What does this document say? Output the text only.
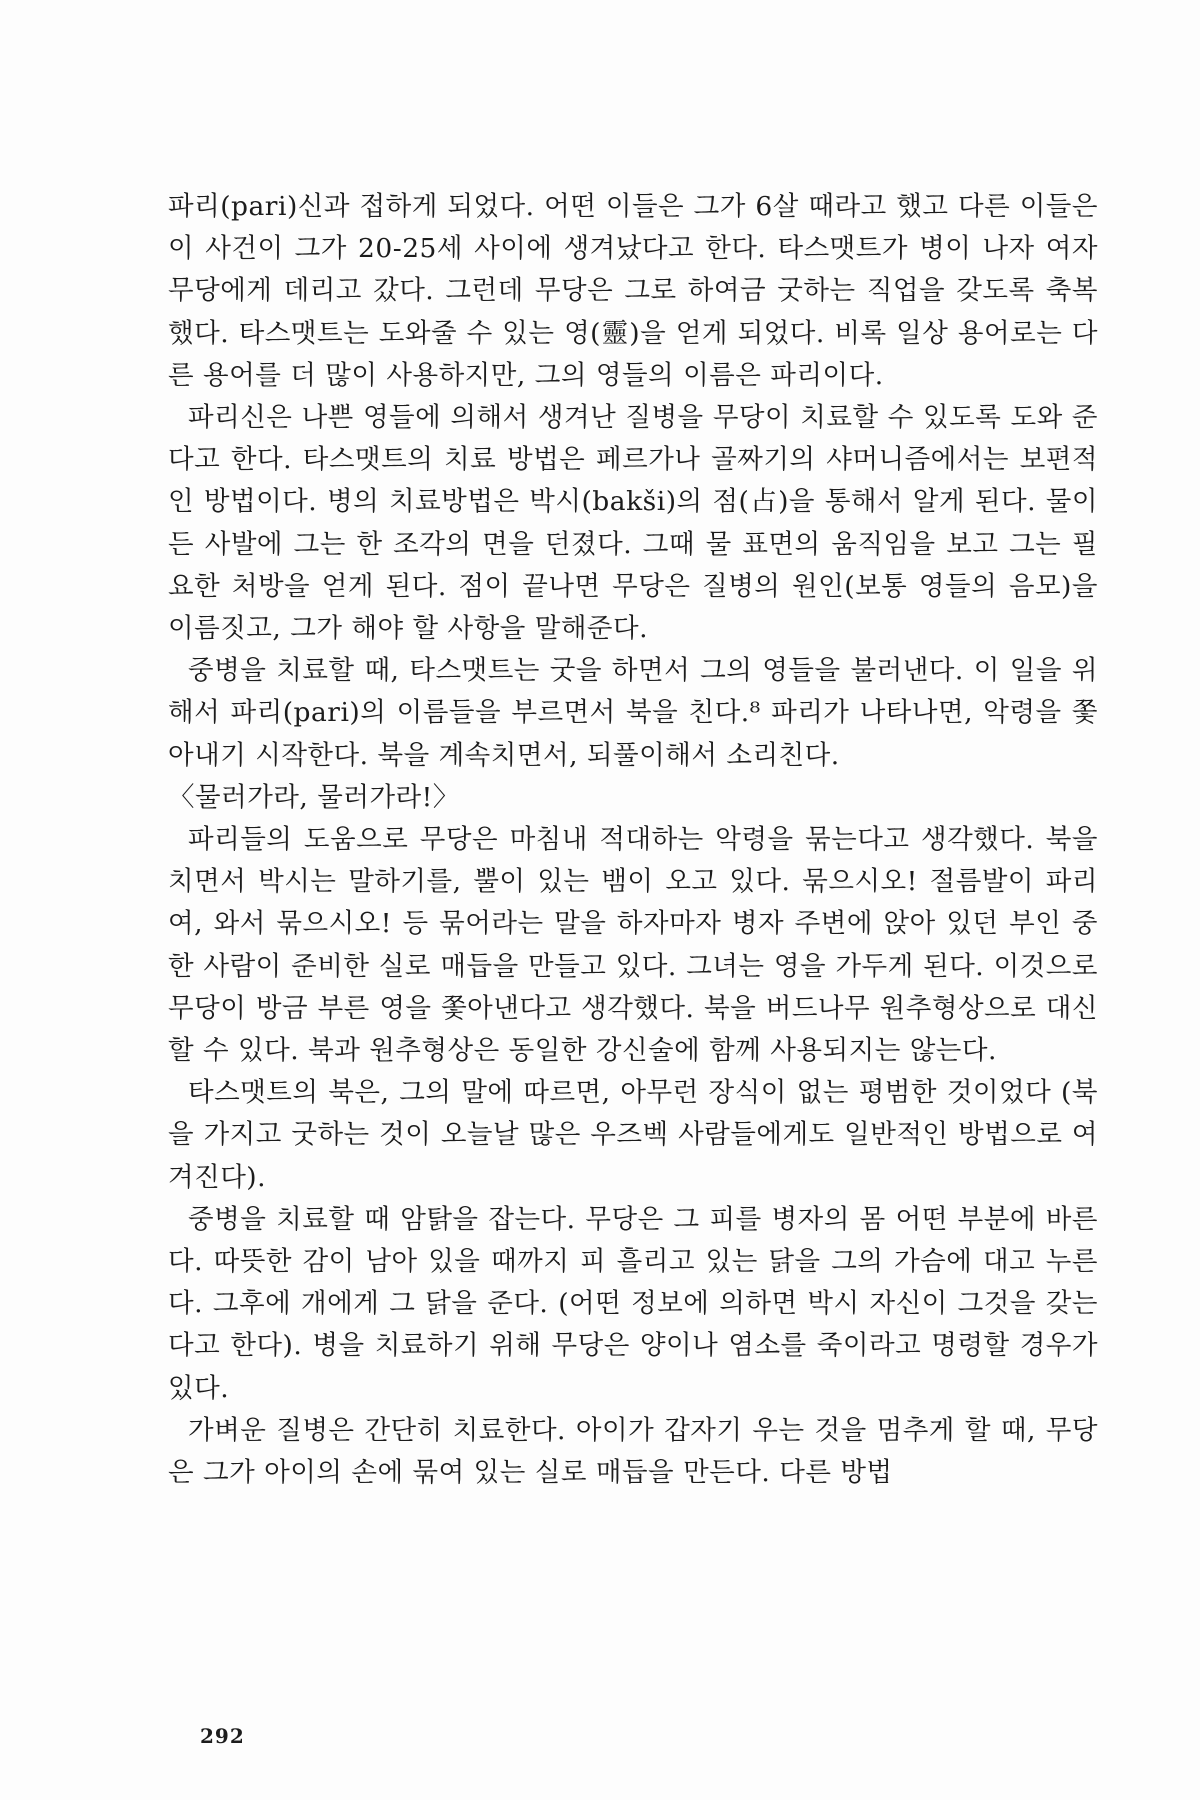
파리(pari)신과 접하게 되었다. 어떤 이들은 그가 6살 때라고 했고 다른 이들은 이 사건이 그가 20-25세 사이에 생겨났다고 한다. 타스맷트가 병이 나자 여자 무당에게 데리고 갔다. 그런데 무당은 그로 하여금 굿하는 직업을 갖도록 축복했다. 타스맷트는 도와줄 수 있는 영(靈)을 얻게 되었다. 비록 일상 용어로는 다른 용어를 더 많이 사용하지만, 그의 영들의 이름은 파리이다.

파리신은 나쁜 영들에 의해서 생겨난 질병을 무당이 치료할 수 있도록 도와 준다고 한다. 타스맷트의 치료 방법은 페르가나 골짜기의 샤머니즘에서는 보편적인 방법이다. 병의 치료방법은 박시(bakši)의 점(占)을 통해서 알게 된다. 물이 든 사발에 그는 한 조각의 면을 던졌다. 그때 물 표면의 움직임을 보고 그는 필요한 처방을 얻게 된다. 점이 끝나면 무당은 질병의 원인(보통 영들의 음모)을 이름짓고, 그가 해야 할 사항을 말해준다.

중병을 치료할 때, 타스맷트는 굿을 하면서 그의 영들을 불러낸다. 이 일을 위해서 파리(pari)의 이름들을 부르면서 북을 친다.⁸ 파리가 나타나면, 악령을 쫓아내기 시작한다. 북을 계속치면서, 되풀이해서 소리친다.

〈물러가라, 물러가라!〉

파리들의 도움으로 무당은 마침내 적대하는 악령을 묶는다고 생각했다. 북을 치면서 박시는 말하기를, 뿔이 있는 뱀이 오고 있다. 묶으시오! 절름발이 파리여, 와서 묶으시오! 등 묶어라는 말을 하자마자 병자 주변에 앉아 있던 부인 중 한 사람이 준비한 실로 매듭을 만들고 있다. 그녀는 영을 가두게 된다. 이것으로 무당이 방금 부른 영을 쫓아낸다고 생각했다. 북을 버드나무 원추형상으로 대신할 수 있다. 북과 원추형상은 동일한 강신술에 함께 사용되지는 않는다.

타스맷트의 북은, 그의 말에 따르면, 아무런 장식이 없는 평범한 것이었다 (북을 가지고 굿하는 것이 오늘날 많은 우즈벡 사람들에게도 일반적인 방법으로 여겨진다).

중병을 치료할 때 암탉을 잡는다. 무당은 그 피를 병자의 몸 어떤 부분에 바른다. 따뜻한 감이 남아 있을 때까지 피 흘리고 있는 닭을 그의 가슴에 대고 누른다. 그후에 개에게 그 닭을 준다. (어떤 정보에 의하면 박시 자신이 그것을 갖는다고 한다). 병을 치료하기 위해 무당은 양이나 염소를 죽이라고 명령할 경우가 있다.

가벼운 질병은 간단히 치료한다. 아이가 갑자기 우는 것을 멈추게 할 때, 무당은 그가 아이의 손에 묶여 있는 실로 매듭을 만든다. 다른 방법

292
